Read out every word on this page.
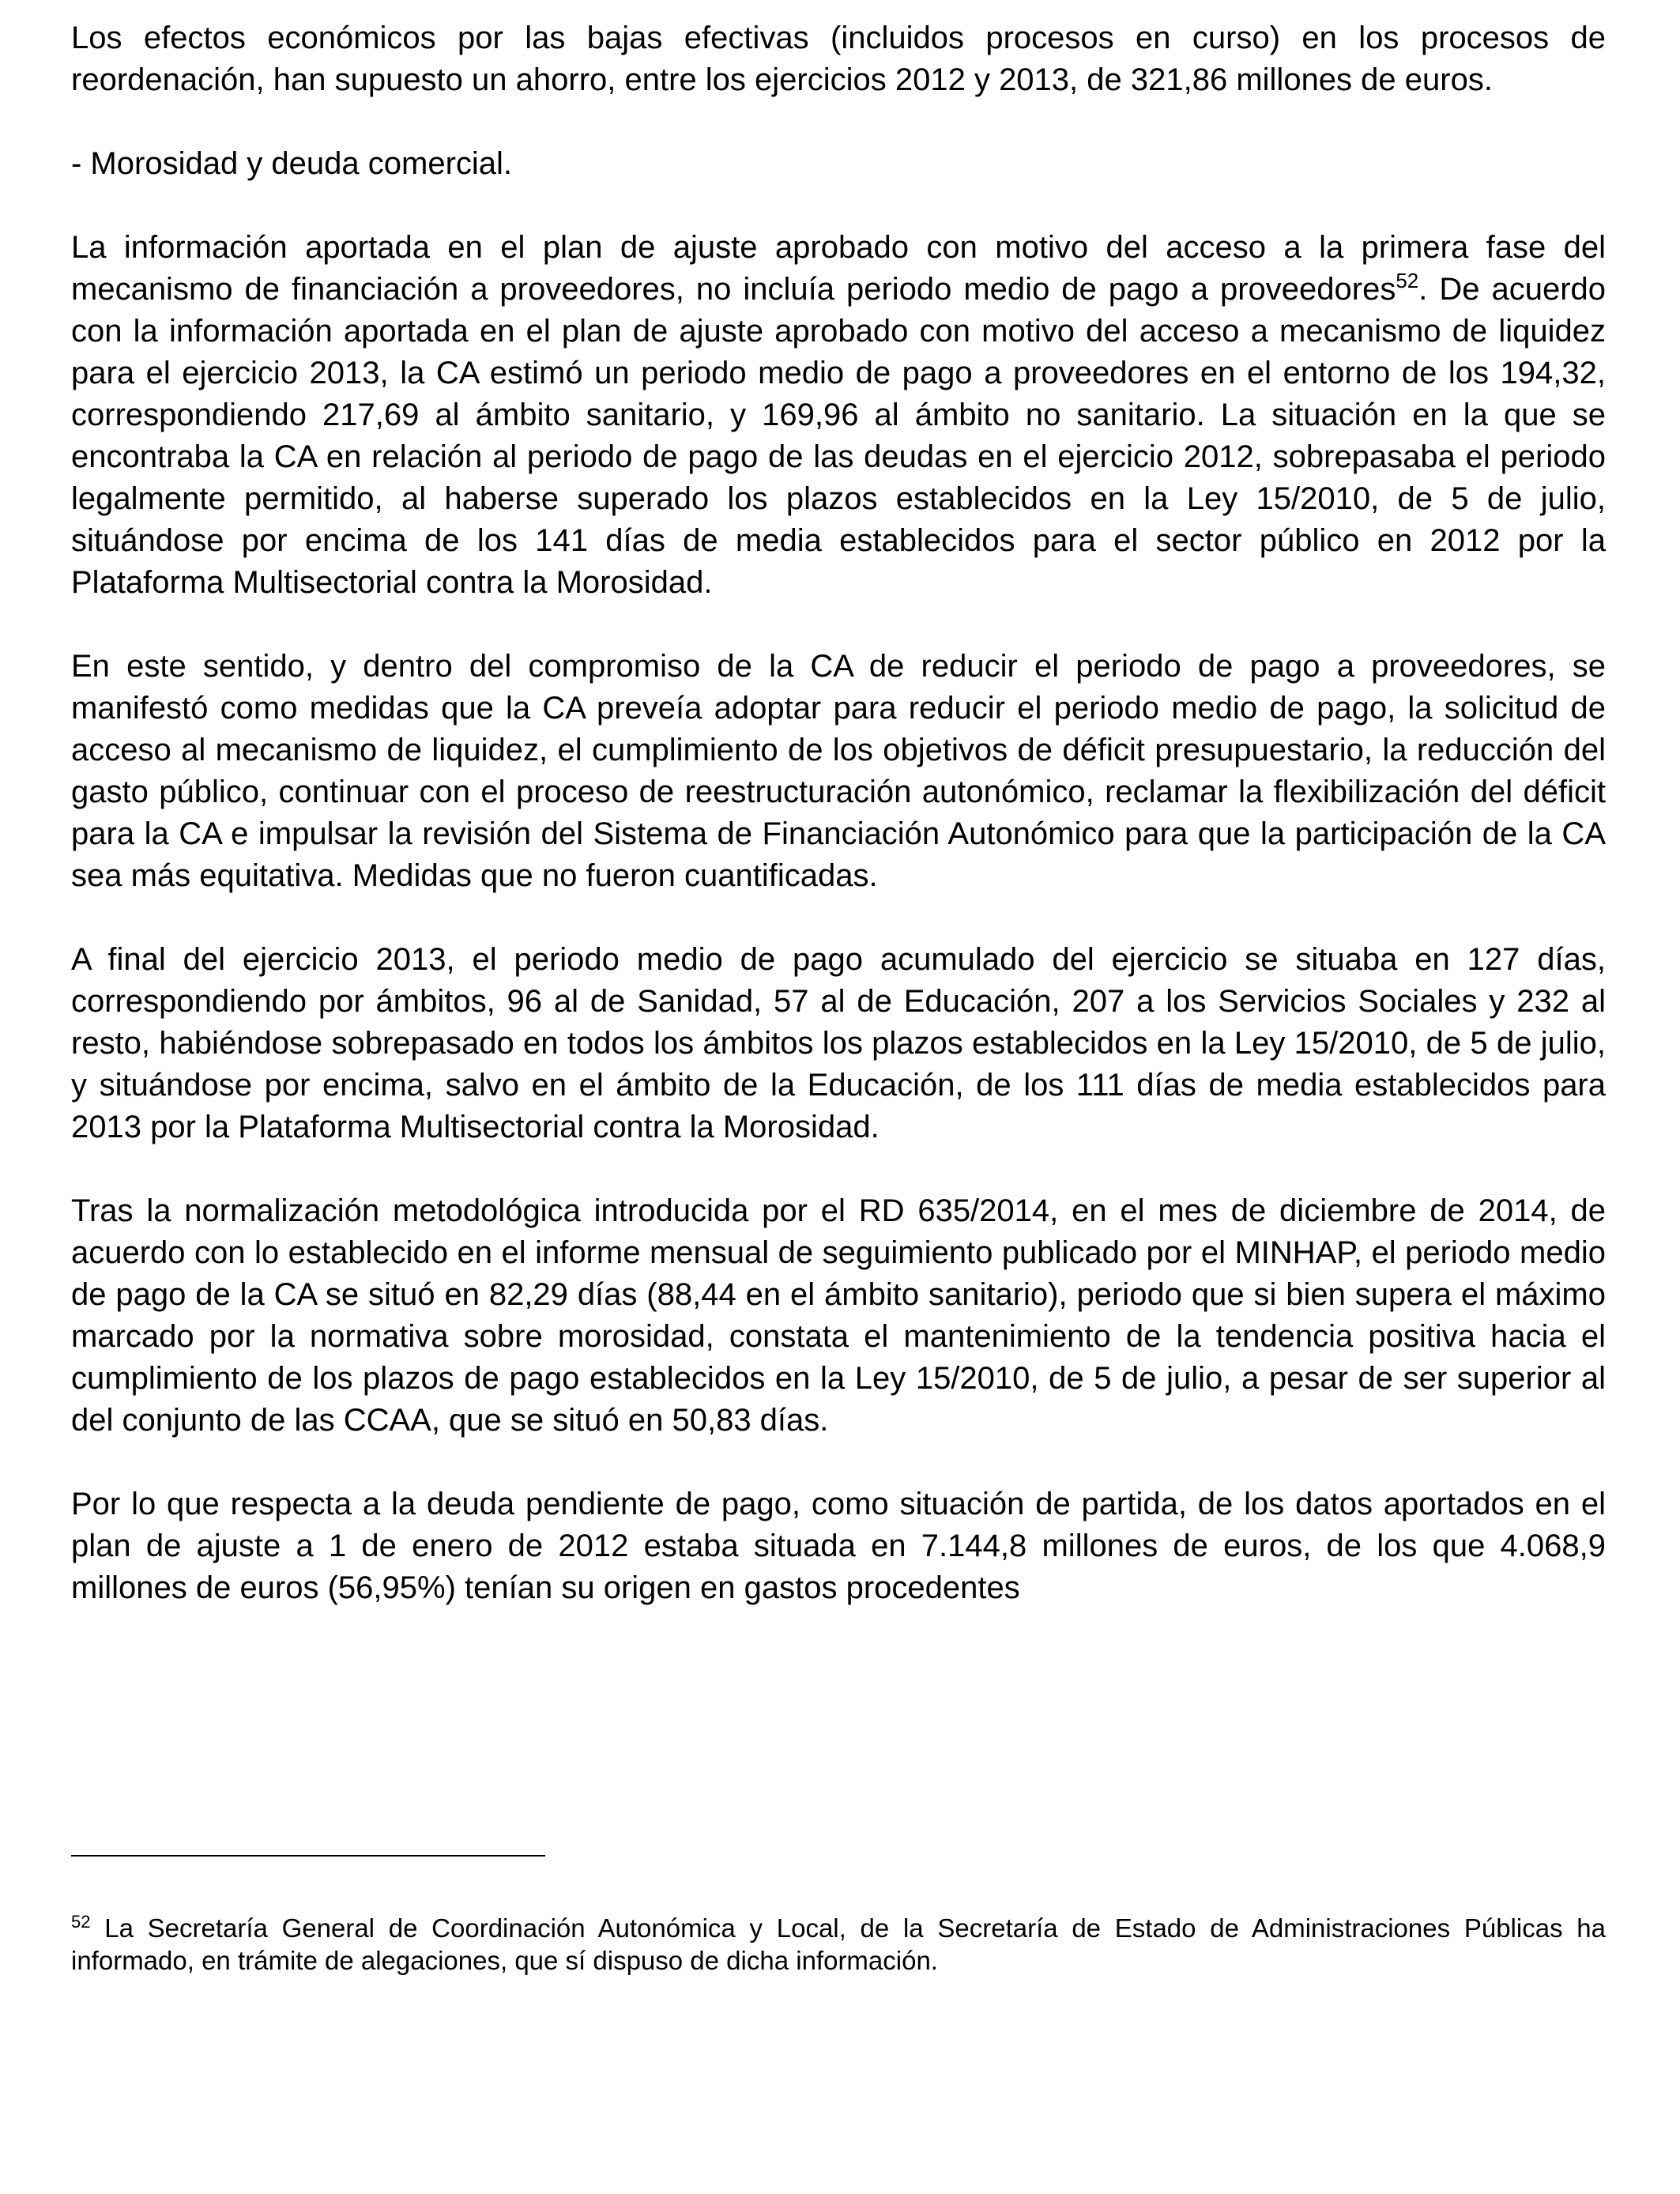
Los efectos económicos por las bajas efectivas (incluidos procesos en curso) en los procesos de reordenación, han supuesto un ahorro, entre los ejercicios 2012 y 2013, de 321,86 millones de euros.

- Morosidad y deuda comercial.

La información aportada en el plan de ajuste aprobado con motivo del acceso a la primera fase del mecanismo de financiación a proveedores, no incluía periodo medio de pago a proveedores$^{52}$. De acuerdo con la información aportada en el plan de ajuste aprobado con motivo del acceso a mecanismo de liquidez para el ejercicio 2013, la CA estimó un periodo medio de pago a proveedores en el entorno de los 194,32, correspondiendo 217,69 al ámbito sanitario, y 169,96 al ámbito no sanitario. La situación en la que se encontraba la CA en relación al periodo de pago de las deudas en el ejercicio 2012, sobrepasaba el periodo legalmente permitido, al haberse superado los plazos establecidos en la Ley 15/2010, de 5 de julio, situándose por encima de los 141 días de media establecidos para el sector público en 2012 por la Plataforma Multisectorial contra la Morosidad.

En este sentido, y dentro del compromiso de la CA de reducir el periodo de pago a proveedores, se manifestó como medidas que la CA preveía adoptar para reducir el periodo medio de pago, la solicitud de acceso al mecanismo de liquidez, el cumplimiento de los objetivos de déficit presupuestario, la reducción del gasto público, continuar con el proceso de reestructuración autonómico, reclamar la flexibilización del déficit para la CA e impulsar la revisión del Sistema de Financiación Autonómico para que la participación de la CA sea más equitativa. Medidas que no fueron cuantificadas.

A final del ejercicio 2013, el periodo medio de pago acumulado del ejercicio se situaba en 127 días, correspondiendo por ámbitos, 96 al de Sanidad, 57 al de Educación, 207 a los Servicios Sociales y 232 al resto, habiéndose sobrepasado en todos los ámbitos los plazos establecidos en la Ley 15/2010, de 5 de julio, y situándose por encima, salvo en el ámbito de la Educación, de los 111 días de media establecidos para 2013 por la Plataforma Multisectorial contra la Morosidad.

Tras la normalización metodológica introducida por el RD 635/2014, en el mes de diciembre de 2014, de acuerdo con lo establecido en el informe mensual de seguimiento publicado por el MINHAP, el periodo medio de pago de la CA se situó en 82,29 días (88,44 en el ámbito sanitario), periodo que si bien supera el máximo marcado por la normativa sobre morosidad, constata el mantenimiento de la tendencia positiva hacia el cumplimiento de los plazos de pago establecidos en la Ley 15/2010, de 5 de julio, a pesar de ser superior al del conjunto de las CCAA, que se situó en 50,83 días.

Por lo que respecta a la deuda pendiente de pago, como situación de partida, de los datos aportados en el plan de ajuste a 1 de enero de 2012 estaba situada en 7.144,8 millones de euros, de los que 4.068,9 millones de euros (56,95%) tenían su origen en gastos procedentes

$^{52}$ La Secretaría General de Coordinación Autonómica y Local, de la Secretaría de Estado de Administraciones Públicas ha informado, en trámite de alegaciones, que sí dispuso de dicha información.
